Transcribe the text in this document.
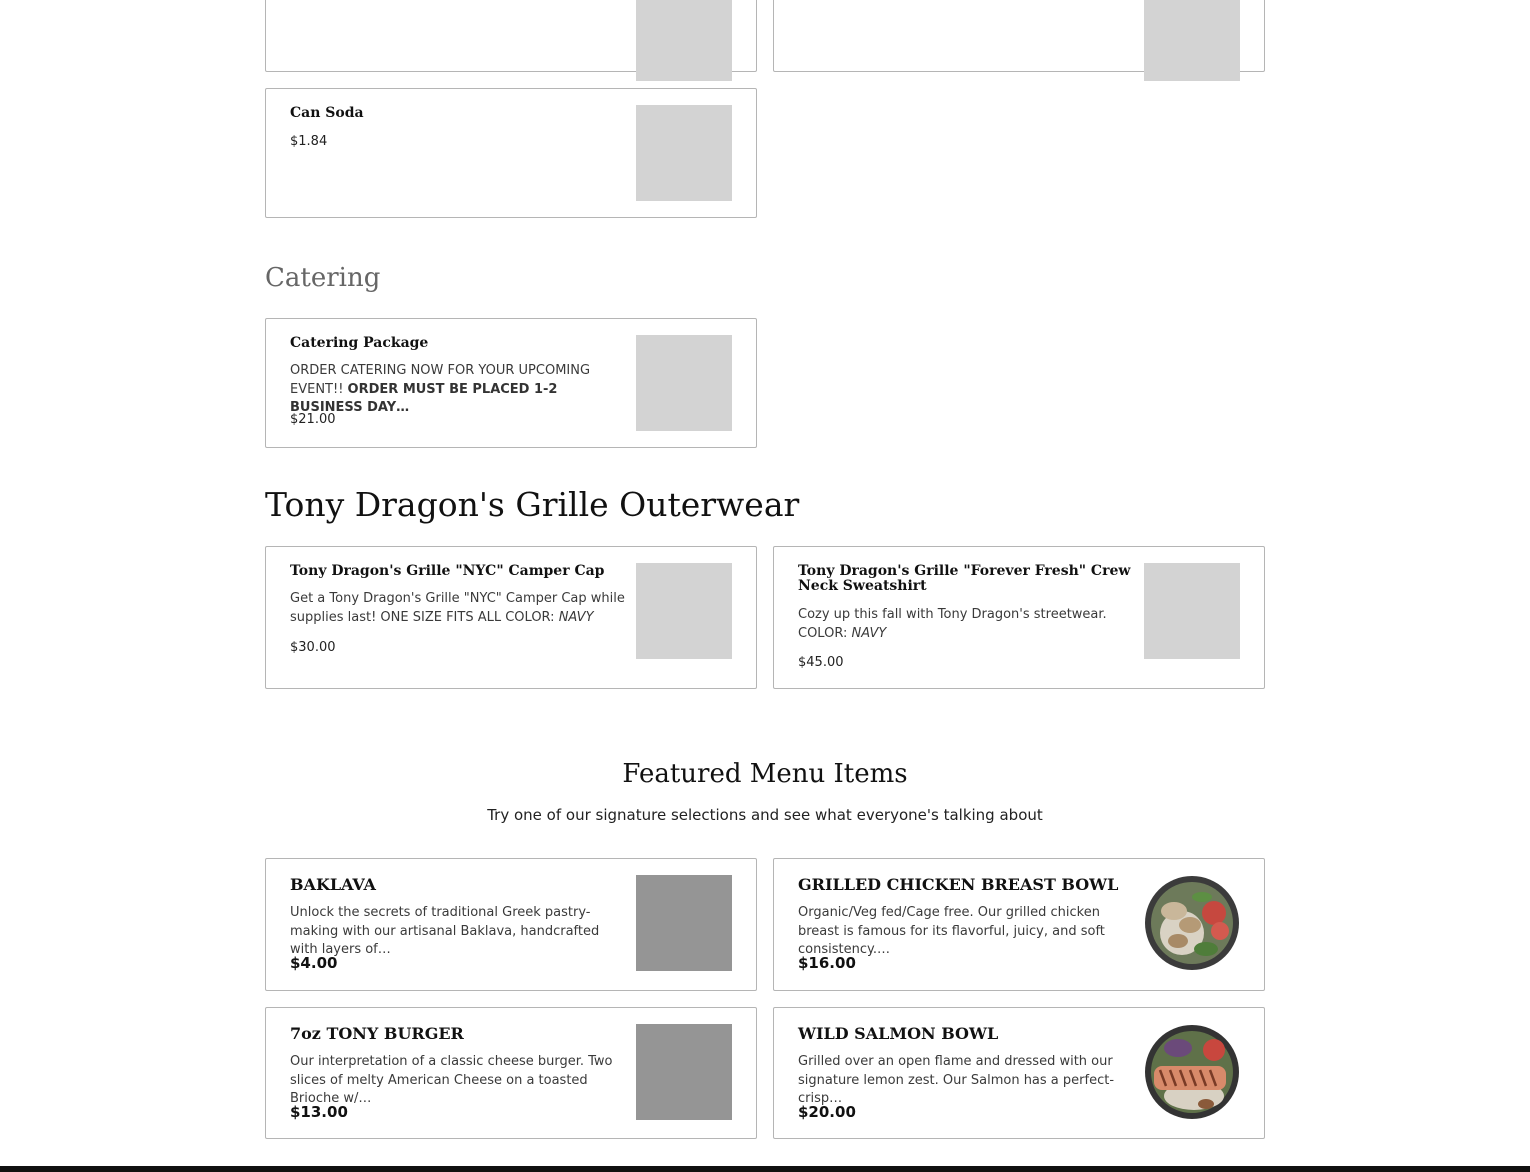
Can Soda
$1.84
Catering
Catering Package
ORDER CATERING NOW FOR YOUR UPCOMING EVENT!! ORDER MUST BE PLACED 1-2 BUSINESS DAY…
$21.00
Tony Dragon's Grille Outerwear
Tony Dragon's Grille "NYC" Camper Cap
Get a Tony Dragon's Grille "NYC" Camper Cap while supplies last! ONE SIZE FITS ALL COLOR: NAVY
$30.00
Tony Dragon's Grille "Forever Fresh" Crew Neck Sweatshirt
Cozy up this fall with Tony Dragon's streetwear. COLOR: NAVY
$45.00
Featured Menu Items
Try one of our signature selections and see what everyone's talking about
BAKLAVA
Unlock the secrets of traditional Greek pastry-making with our artisanal Baklava, handcrafted with layers of…
$4.00
GRILLED CHICKEN BREAST BOWL
Organic/Veg fed/Cage free. Our grilled chicken breast is famous for its flavorful, juicy, and soft consistency.…
$16.00
7oz TONY BURGER
Our interpretation of a classic cheese burger. Two slices of melty American Cheese on a toasted Brioche w/…
$13.00
WILD SALMON BOWL
Grilled over an open flame and dressed with our signature lemon zest. Our Salmon has a perfect- crisp…
$20.00
